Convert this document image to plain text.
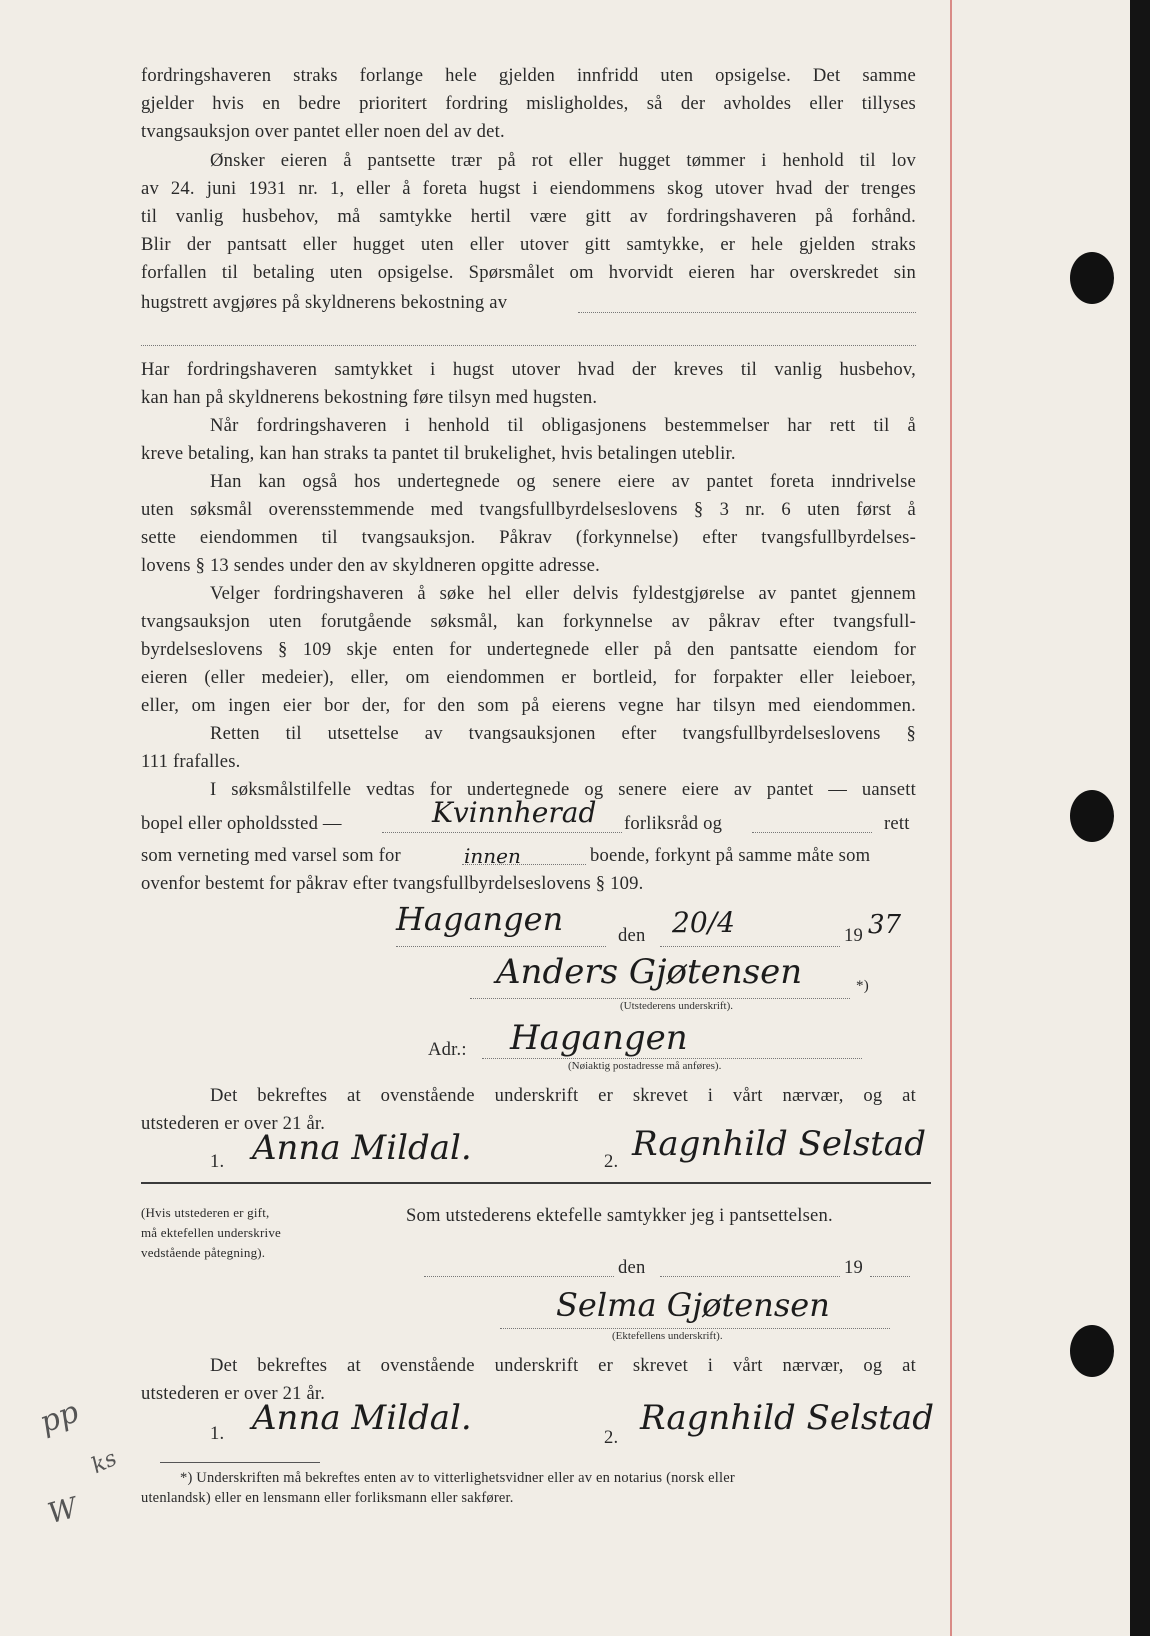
fordringshaveren straks forlange hele gjelden innfridd uten opsigelse. Det samme
gjelder hvis en bedre prioritert fordring misligholdes, så der avholdes eller tillyses
tvangsauksjon over pantet eller noen del av det.
Ønsker eieren å pantsette trær på rot eller hugget tømmer i henhold til lov
av 24. juni 1931 nr. 1, eller å foreta hugst i eiendommens skog utover hvad der trenges
til vanlig husbehov, må samtykke hertil være gitt av fordringshaveren på forhånd.
Blir der pantsatt eller hugget uten eller utover gitt samtykke, er hele gjelden straks
forfallen til betaling uten opsigelse. Spørsmålet om hvorvidt eieren har overskredet sin
hugstrett avgjøres på skyldnerens bekostning av
Har fordringshaveren samtykket i hugst utover hvad der kreves til vanlig husbehov,
kan han på skyldnerens bekostning føre tilsyn med hugsten.
Når fordringshaveren i henhold til obligasjonens bestemmelser har rett til å
kreve betaling, kan han straks ta pantet til brukelighet, hvis betalingen uteblir.
Han kan også hos undertegnede og senere eiere av pantet foreta inndrivelse
uten søksmål overensstemmende med tvangsfullbyrdelseslovens § 3 nr. 6 uten først å
sette eiendommen til tvangsauksjon. Påkrav (forkynnelse) efter tvangsfullbyrdelses-
lovens § 13 sendes under den av skyldneren opgitte adresse.
Velger fordringshaveren å søke hel eller delvis fyldestgjørelse av pantet gjennem
tvangsauksjon uten forutgående søksmål, kan forkynnelse av påkrav efter tvangsfull-
byrdelseslovens § 109 skje enten for undertegnede eller på den pantsatte eiendom for
eieren (eller medeier), eller, om eiendommen er bortleid, for forpakter eller leieboer,
eller, om ingen eier bor der, for den som på eierens vegne har tilsyn med eiendommen.
Retten til utsettelse av tvangsauksjonen efter tvangsfullbyrdelseslovens §
111 frafalles.
I søksmålstilfelle vedtas for undertegnede og senere eiere av pantet — uansett
bopel eller opholdssted —	Kvinnherad forliksråd og	rett
som verneting med varsel som for	innen	boende, forkynt på samme måte som
ovenfor bestemt for påkrav efter tvangsfullbyrdelseslovens § 109.
Hagangen	den 20/4	19 37
Anders Gjøtensen	*)
(Utstederens underskrift).
Adr.: Hagangen
(Nøiaktig postadresse må anføres).
Det bekreftes at ovenstående underskrift er skrevet i vårt nærvær, og at
utstederen er over 21 år.
1. Anna Mildal.	2. Ragnhild Selstad
(Hvis utstederen er gift,
må ektefellen underskrive
vedstående påtegning).
Som utstederens ektefelle samtykker jeg i pantsettelsen.
den	19
Selma Gjøtensen
(Ektefellens underskrift).
Det bekreftes at ovenstående underskrift er skrevet i vårt nærvær, og at
utstederen er over 21 år.
1. Anna Mildal.	2. Ragnhild Selstad
*) Underskriften må bekreftes enten av to vitterlighetsvidner eller av en notarius (norsk eller
utenlandsk) eller en lensmann eller forliksmann eller sakfører.
pp
ks
W
